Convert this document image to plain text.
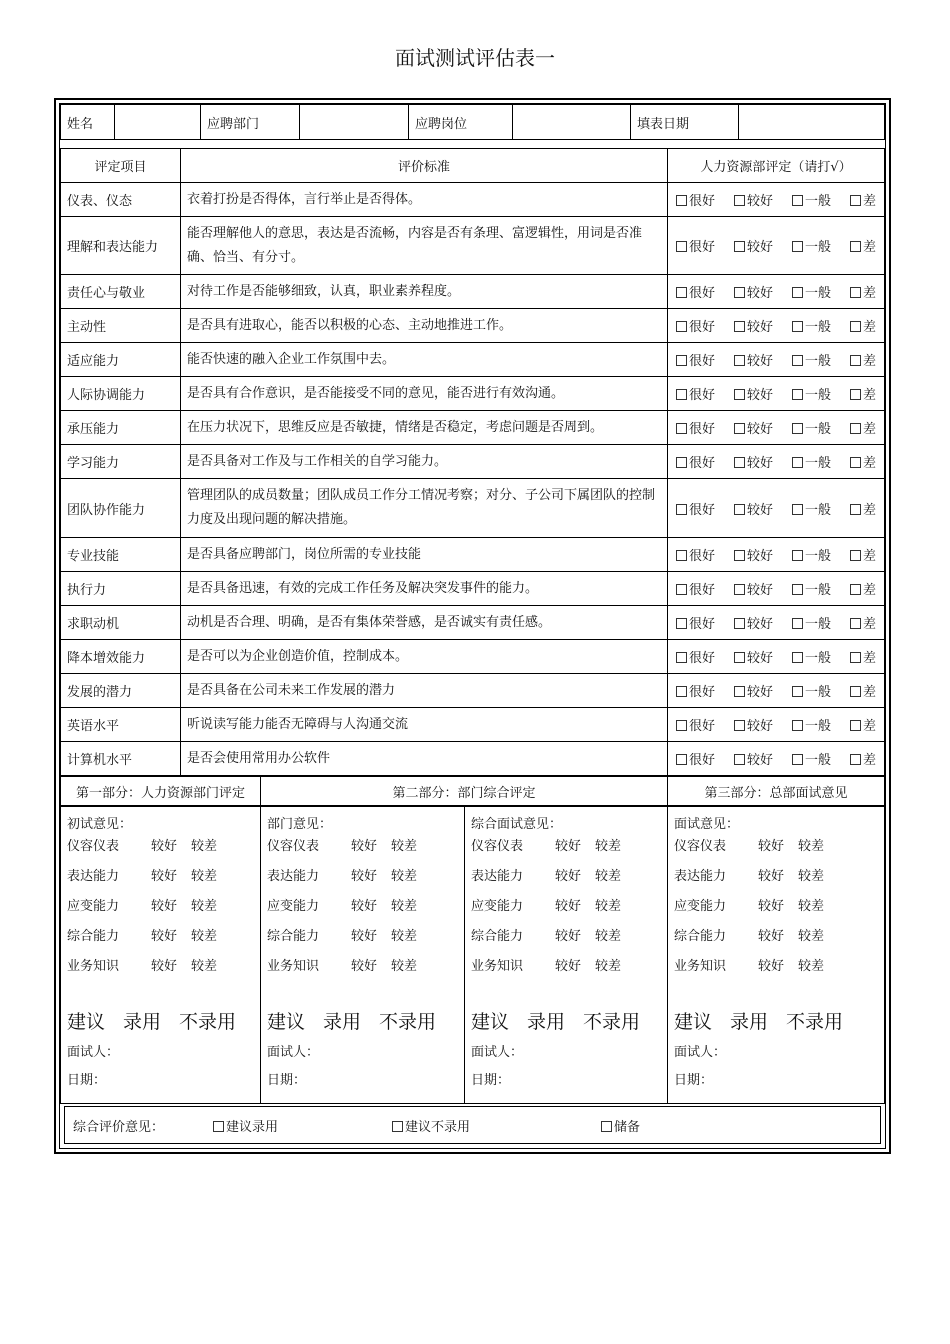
面试测试评估表一
姓名		应聘部门		应聘岗位		填表日期	
评定项目	评价标准	人力资源部评定（请打√）
仪表、仪态	衣着打扮是否得体，言行举止是否得体。	很好 较好 一般 差

理解和表达能力	能否理解他人的意思，表达是否流畅，内容是否有条理、富逻辑性，用词是否准确、恰当、有分寸。	很好 较好 一般 差

责任心与敬业	对待工作是否能够细致，认真，职业素养程度。	很好 较好 一般 差

主动性	是否具有进取心，能否以积极的心态、主动地推进工作。	很好 较好 一般 差

适应能力	能否快速的融入企业工作氛围中去。	很好 较好 一般 差

人际协调能力	是否具有合作意识，是否能接受不同的意见，能否进行有效沟通。	很好 较好 一般 差

承压能力	在压力状况下，思维反应是否敏捷，情绪是否稳定，考虑问题是否周到。	很好 较好 一般 差

学习能力	是否具备对工作及与工作相关的自学习能力。	很好 较好 一般 差

团队协作能力	管理团队的成员数量；团队成员工作分工情况考察；对分、子公司下属团队的控制力度及出现问题的解决措施。	很好 较好 一般 差

专业技能	是否具备应聘部门，岗位所需的专业技能	很好 较好 一般 差

执行力	是否具备迅速，有效的完成工作任务及解决突发事件的能力。	很好 较好 一般 差

求职动机	动机是否合理、明确，是否有集体荣誉感，是否诚实有责任感。	很好 较好 一般 差

降本增效能力	是否可以为企业创造价值，控制成本。	很好 较好 一般 差

发展的潜力	是否具备在公司未来工作发展的潜力	很好 较好 一般 差

英语水平	听说读写能力能否无障碍与人沟通交流	很好 较好 一般 差

计算机水平	是否会使用常用办公软件	很好 较好 一般 差
第一部分：人力资源部门评定	第二部分：部门综合评定	第三部分：总部面试意见
初试意见：
仪容仪表	较好 较差
表达能力	较好 较差
应变能力	较好 较差
综合能力	较好 较差
业务知识	较好 较差
建议 录用 不录用
面试人：
日期：

部门意见：
仪容仪表	较好 较差
表达能力	较好 较差
应变能力	较好 较差
综合能力	较好 较差
业务知识	较好 较差
建议 录用 不录用
面试人：
日期：

综合面试意见：
仪容仪表	较好 较差
表达能力	较好 较差
应变能力	较好 较差
综合能力	较好 较差
业务知识	较好 较差
建议 录用 不录用
面试人：
日期：

面试意见：
仪容仪表	较好 较差
表达能力	较好 较差
应变能力	较好 较差
综合能力	较好 较差
业务知识	较好 较差
建议 录用 不录用
面试人：
日期：
综合评价意见：	建议录用	建议不录用	储备
